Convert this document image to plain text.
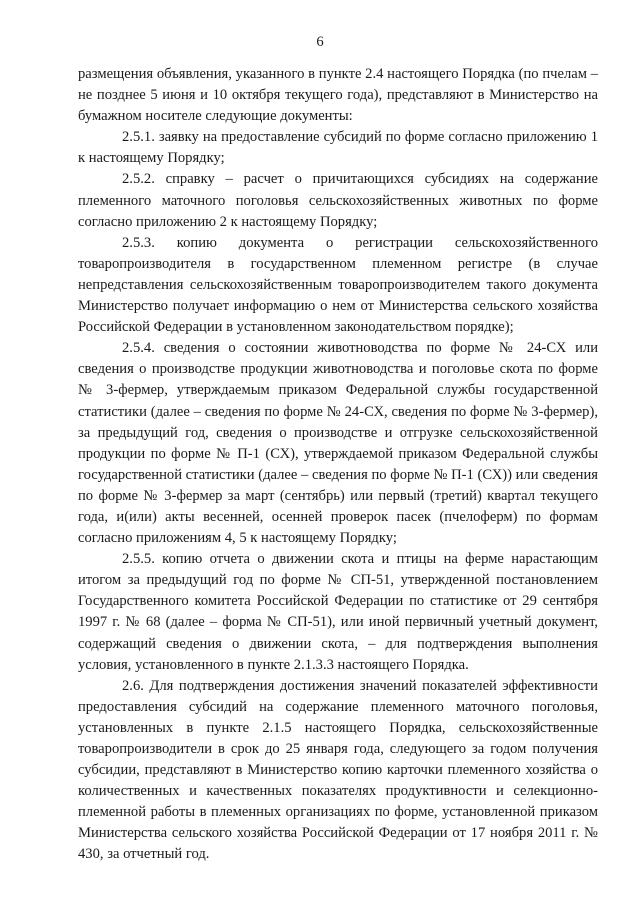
6

размещения объявления, указанного в пункте 2.4 настоящего Порядка (по пчелам – не позднее 5 июня и 10 октября текущего года), представляют в Министерство на бумажном носителе следующие документы:

2.5.1. заявку на предоставление субсидий по форме согласно приложению 1 к настоящему Порядку;

2.5.2. справку – расчет о причитающихся субсидиях на содержание племенного маточного поголовья сельскохозяйственных животных по форме согласно приложению 2 к настоящему Порядку;

2.5.3. копию документа о регистрации сельскохозяйственного товаропроизводителя в государственном племенном регистре (в случае непредставления сельскохозяйственным товаропроизводителем такого документа Министерство получает информацию о нем от Министерства сельского хозяйства Российской Федерации в установленном законодательством порядке);

2.5.4. сведения о состоянии животноводства по форме № 24-СХ или сведения о производстве продукции животноводства и поголовье скота по форме № 3-фермер, утверждаемым приказом Федеральной службы государственной статистики (далее – сведения по форме № 24-СХ, сведения по форме № 3-фермер), за предыдущий год, сведения о производстве и отгрузке сельскохозяйственной продукции по форме № П-1 (СХ), утверждаемой приказом Федеральной службы государственной статистики (далее – сведения по форме № П-1 (СХ)) или сведения по форме № 3-фермер за март (сентябрь) или первый (третий) квартал текущего года, и(или) акты весенней, осенней проверок пасек (пчелоферм) по формам согласно приложениям 4, 5 к настоящему Порядку;

2.5.5. копию отчета о движении скота и птицы на ферме нарастающим итогом за предыдущий год по форме № СП-51, утвержденной постановлением Государственного комитета Российской Федерации по статистике от 29 сентября 1997 г. № 68 (далее – форма № СП-51), или иной первичный учетный документ, содержащий сведения о движении скота, – для подтверждения выполнения условия, установленного в пункте 2.1.3.3 настоящего Порядка.

2.6. Для подтверждения достижения значений показателей эффективности предоставления субсидий на содержание племенного маточного поголовья, установленных в пункте 2.1.5 настоящего Порядка, сельскохозяйственные товаропроизводители в срок до 25 января года, следующего за годом получения субсидии, представляют в Министерство копию карточки племенного хозяйства о количественных и качественных показателях продуктивности и селекционно-племенной работы в племенных организациях по форме, установленной приказом Министерства сельского хозяйства Российской Федерации от 17 ноября 2011 г. № 430, за отчетный год.
